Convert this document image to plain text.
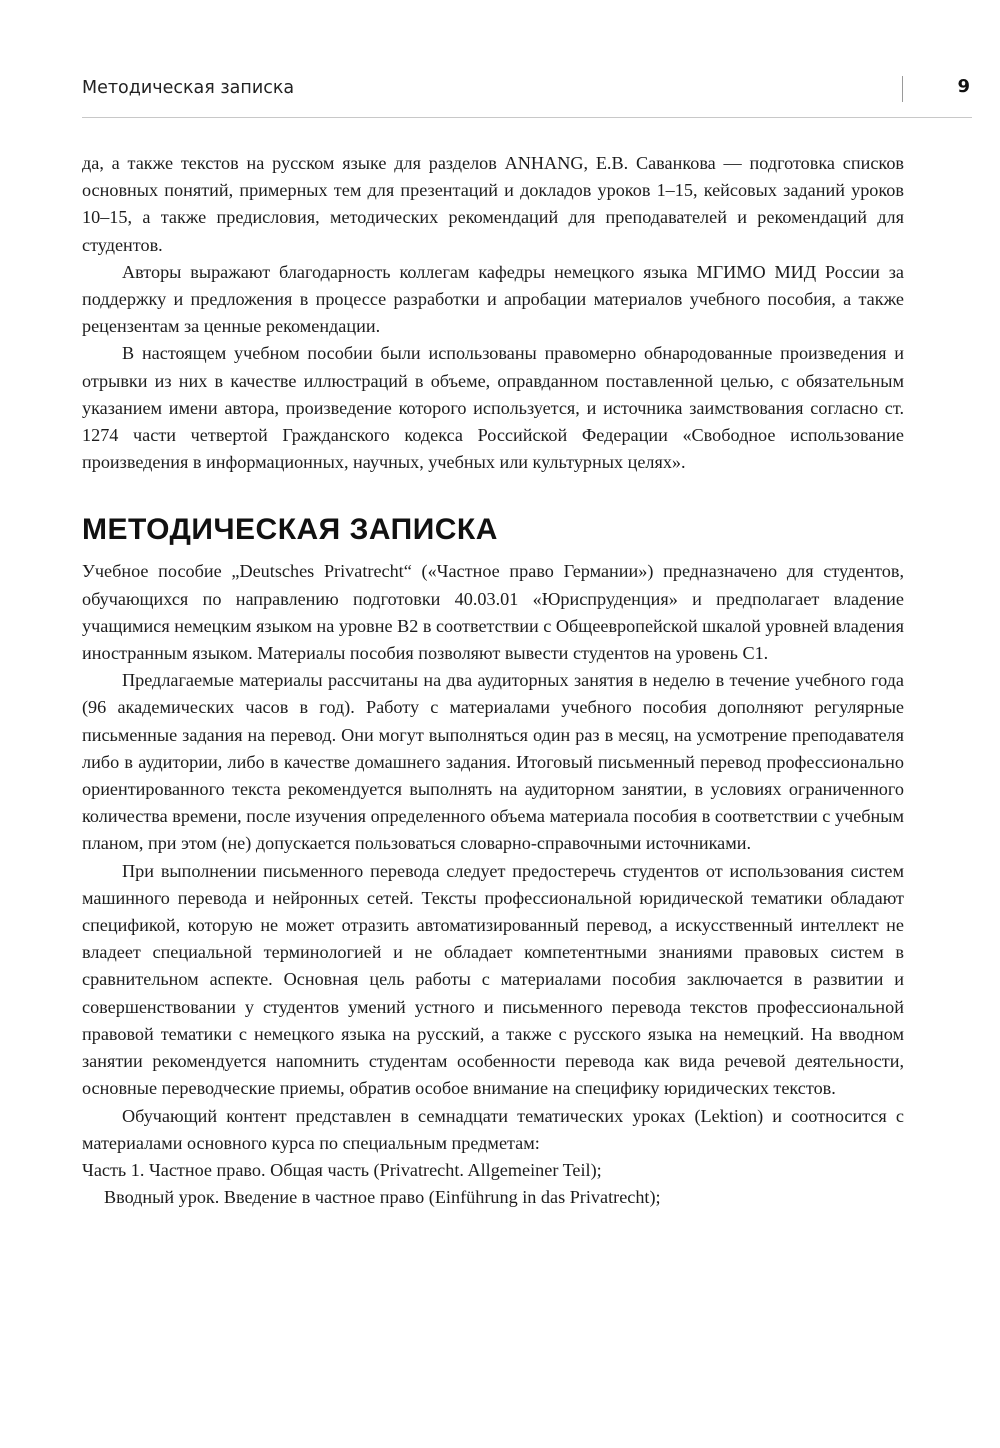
Методическая записка	9

да, а также текстов на русском языке для разделов ANHANG, Е.В. Саванкова — подготовка списков основных понятий, примерных тем для презентаций и докладов уроков 1–15, кейсовых заданий уроков 10–15, а также предисловия, методических рекомендаций для преподавателей и рекомендаций для студентов.

Авторы выражают благодарность коллегам кафедры немецкого языка МГИМО МИД России за поддержку и предложения в процессе разработки и апробации материалов учебного пособия, а также рецензентам за ценные рекомендации.

В настоящем учебном пособии были использованы правомерно обнародованные произведения и отрывки из них в качестве иллюстраций в объеме, оправданном поставленной целью, с обязательным указанием имени автора, произведение которого используется, и источника заимствования согласно ст. 1274 части четвертой Гражданского кодекса Российской Федерации «Свободное использование произведения в информационных, научных, учебных или культурных целях».

МЕТОДИЧЕСКАЯ ЗАПИСКА

Учебное пособие „Deutsches Privatrecht“ («Частное право Германии») предназначено для студентов, обучающихся по направлению подготовки 40.03.01 «Юриспруденция» и предполагает владение учащимися немецким языком на уровне B2 в соответствии с Общеевропейской шкалой уровней владения иностранным языком. Материалы пособия позволяют вывести студентов на уровень C1.

Предлагаемые материалы рассчитаны на два аудиторных занятия в неделю в течение учебного года (96 академических часов в год). Работу с материалами учебного пособия дополняют регулярные письменные задания на перевод. Они могут выполняться один раз в месяц, на усмотрение преподавателя либо в аудитории, либо в качестве домашнего задания. Итоговый письменный перевод профессионально ориентированного текста рекомендуется выполнять на аудиторном занятии, в условиях ограниченного количества времени, после изучения определенного объема материала пособия в соответствии с учебным планом, при этом (не) допускается пользоваться словарно-справочными источниками.

При выполнении письменного перевода следует предостеречь студентов от использования систем машинного перевода и нейронных сетей. Тексты профессиональной юридической тематики обладают спецификой, которую не может отразить автоматизированный перевод, а искусственный интеллект не владеет специальной терминологией и не обладает компетентными знаниями правовых систем в сравнительном аспекте. Основная цель работы с материалами пособия заключается в развитии и совершенствовании у студентов умений устного и письменного перевода текстов профессиональной правовой тематики с немецкого языка на русский, а также с русского языка на немецкий. На вводном занятии рекомендуется напомнить студентам особенности перевода как вида речевой деятельности, основные переводческие приемы, обратив особое внимание на специфику юридических текстов.

Обучающий контент представлен в семнадцати тематических уроках (Lektion) и соотносится с материалами основного курса по специальным предметам:

Часть 1. Частное право. Общая часть (Privatrecht. Allgemeiner Teil);

Вводный урок. Введение в частное право (Einführung in das Privatrecht);
